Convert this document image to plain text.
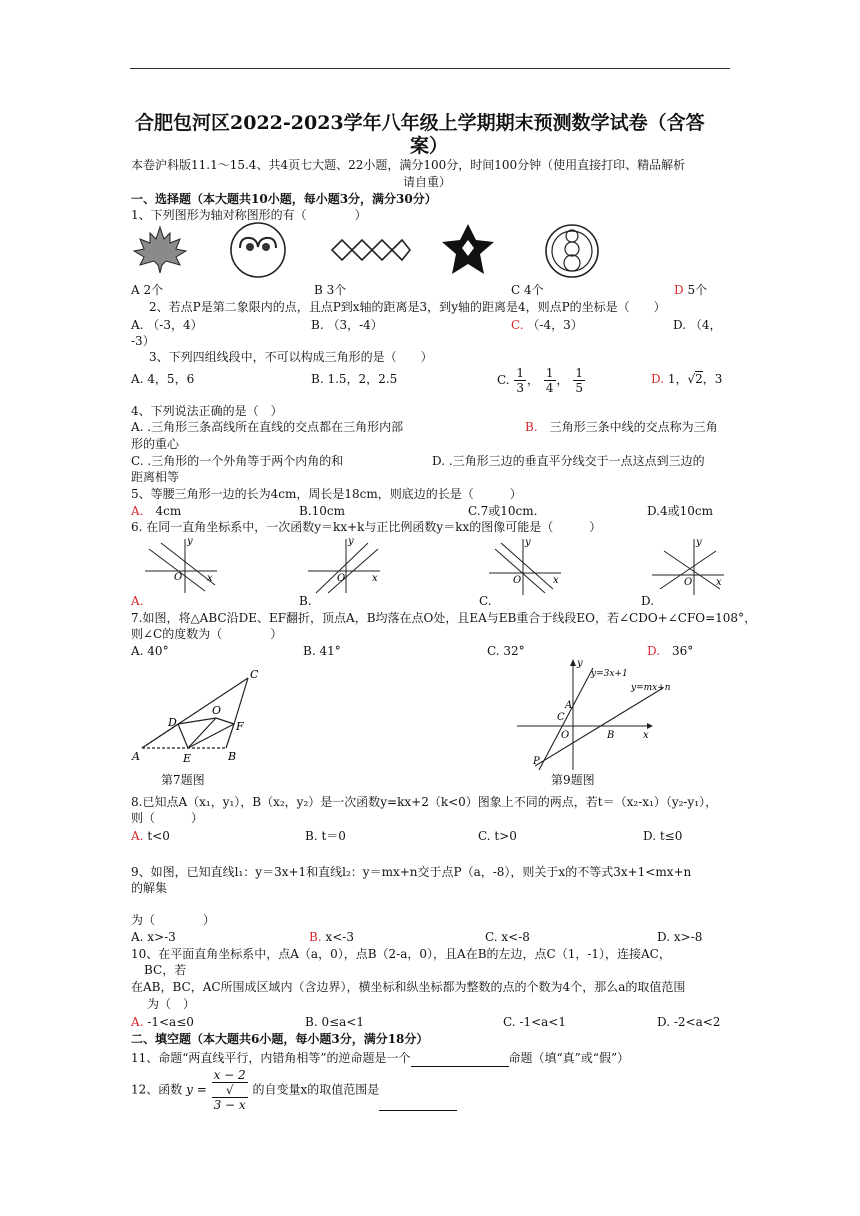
合肥包河区2022-2023学年八年级上学期期末预测数学试卷（含答
案）
本卷沪科版11.1～15.4、共4页七大题、22小题，满分100分，时间100分钟（使用直接打印、精品解析
请自重）
一、选择题（本大题共10小题，每小题3分，满分30分）
1、下列图形为轴对称图形的有（　　　　）
A 2个	B 3个	C 4个	D 5个
2、若点P是第二象限内的点，且点P到x轴的距离是3，到y轴的距离是4，则点P的坐标是（　　）
A. （-3，4）	B. （3，-4）	C. （-4，3）	D. （4，
-3）
3、下列四组线段中，不可以构成三角形的是（　　）
A. 4，5，6	B. 1.5，2，2.5	C. $\frac{1}{3}$ ， $\frac{1}{4}$ ， $\frac{1}{5}$	D. 1，√2，3
4、下列说法正确的是（　）
A. .三角形三条高线所在直线的交点都在三角形内部	B.　 三角形三条中线的交点称为三角
形的重心
C. .三角形的一个外角等于两个内角的和	D. .三角形三边的垂直平分线交于一点这点到三边的
距离相等
5、等腰三角形一边的长为4cm，周长是18cm，则底边的长是（　　　）
A.　 4cm	B.10cm	C.7或10cm.	D.4或10cm
6. 在同一直角坐标系中，一次函数y＝kx+k与正比例函数y＝kx的图像可能是（　　　）
y
x
O
y
x
O
y
x
O
y
x
O
A.	B.	C.	D.
7.如图，将△ABC沿DE、EF翻折，顶点A，B均落在点O处，且EA与EB重合于线段EO，若∠CDO+∠CFO=108°，
则∠C的度数为（　　　　）
A. 40°	B. 41°	C. 32°	D.　 36°
A	B
C
D
E
F
O
第7题图
y
x
O
A
B
C
P
y=3x+1
y=mx+n
第9题图
8.已知点A（x₁，y₁），B（x₂，y₂）是一次函数y=kx+2（k<0）图象上不同的两点，若t＝（x₂-x₁）（y₂-y₁），
则（　　　）
A. t<0	B. t＝0	C. t>0	D. t≤0
9、如图，已知直线l₁：y＝3x+1和直线l₂：y＝mx+n交于点P（a，-8），则关于x的不等式3x+1<mx+n
的解集
为（　　　　）
A. x>-3	B. x<-3	C. x<-8	D. x>-8
10、在平面直角坐标系中，点A（a，0），点B（2-a，0），且A在B的左边，点C（1，-1），连接AC，
BC，若
在AB，BC，AC所围成区域内（含边界），横坐标和纵坐标都为整数的点的个数为4个，那么a的取值范围
为（　）
A. -1<a≤0	B. 0≤a<1	C. -1<a<1	D. -2<a<2
二、填空题（本大题共6小题，每小题3分，满分18分）
11、命题“两直线平行，内错角相等”的逆命题是一个	命题（填“真”或“假”）
12、函数 y = x − 2
√
3 − x 的自变量x的取值范围是
